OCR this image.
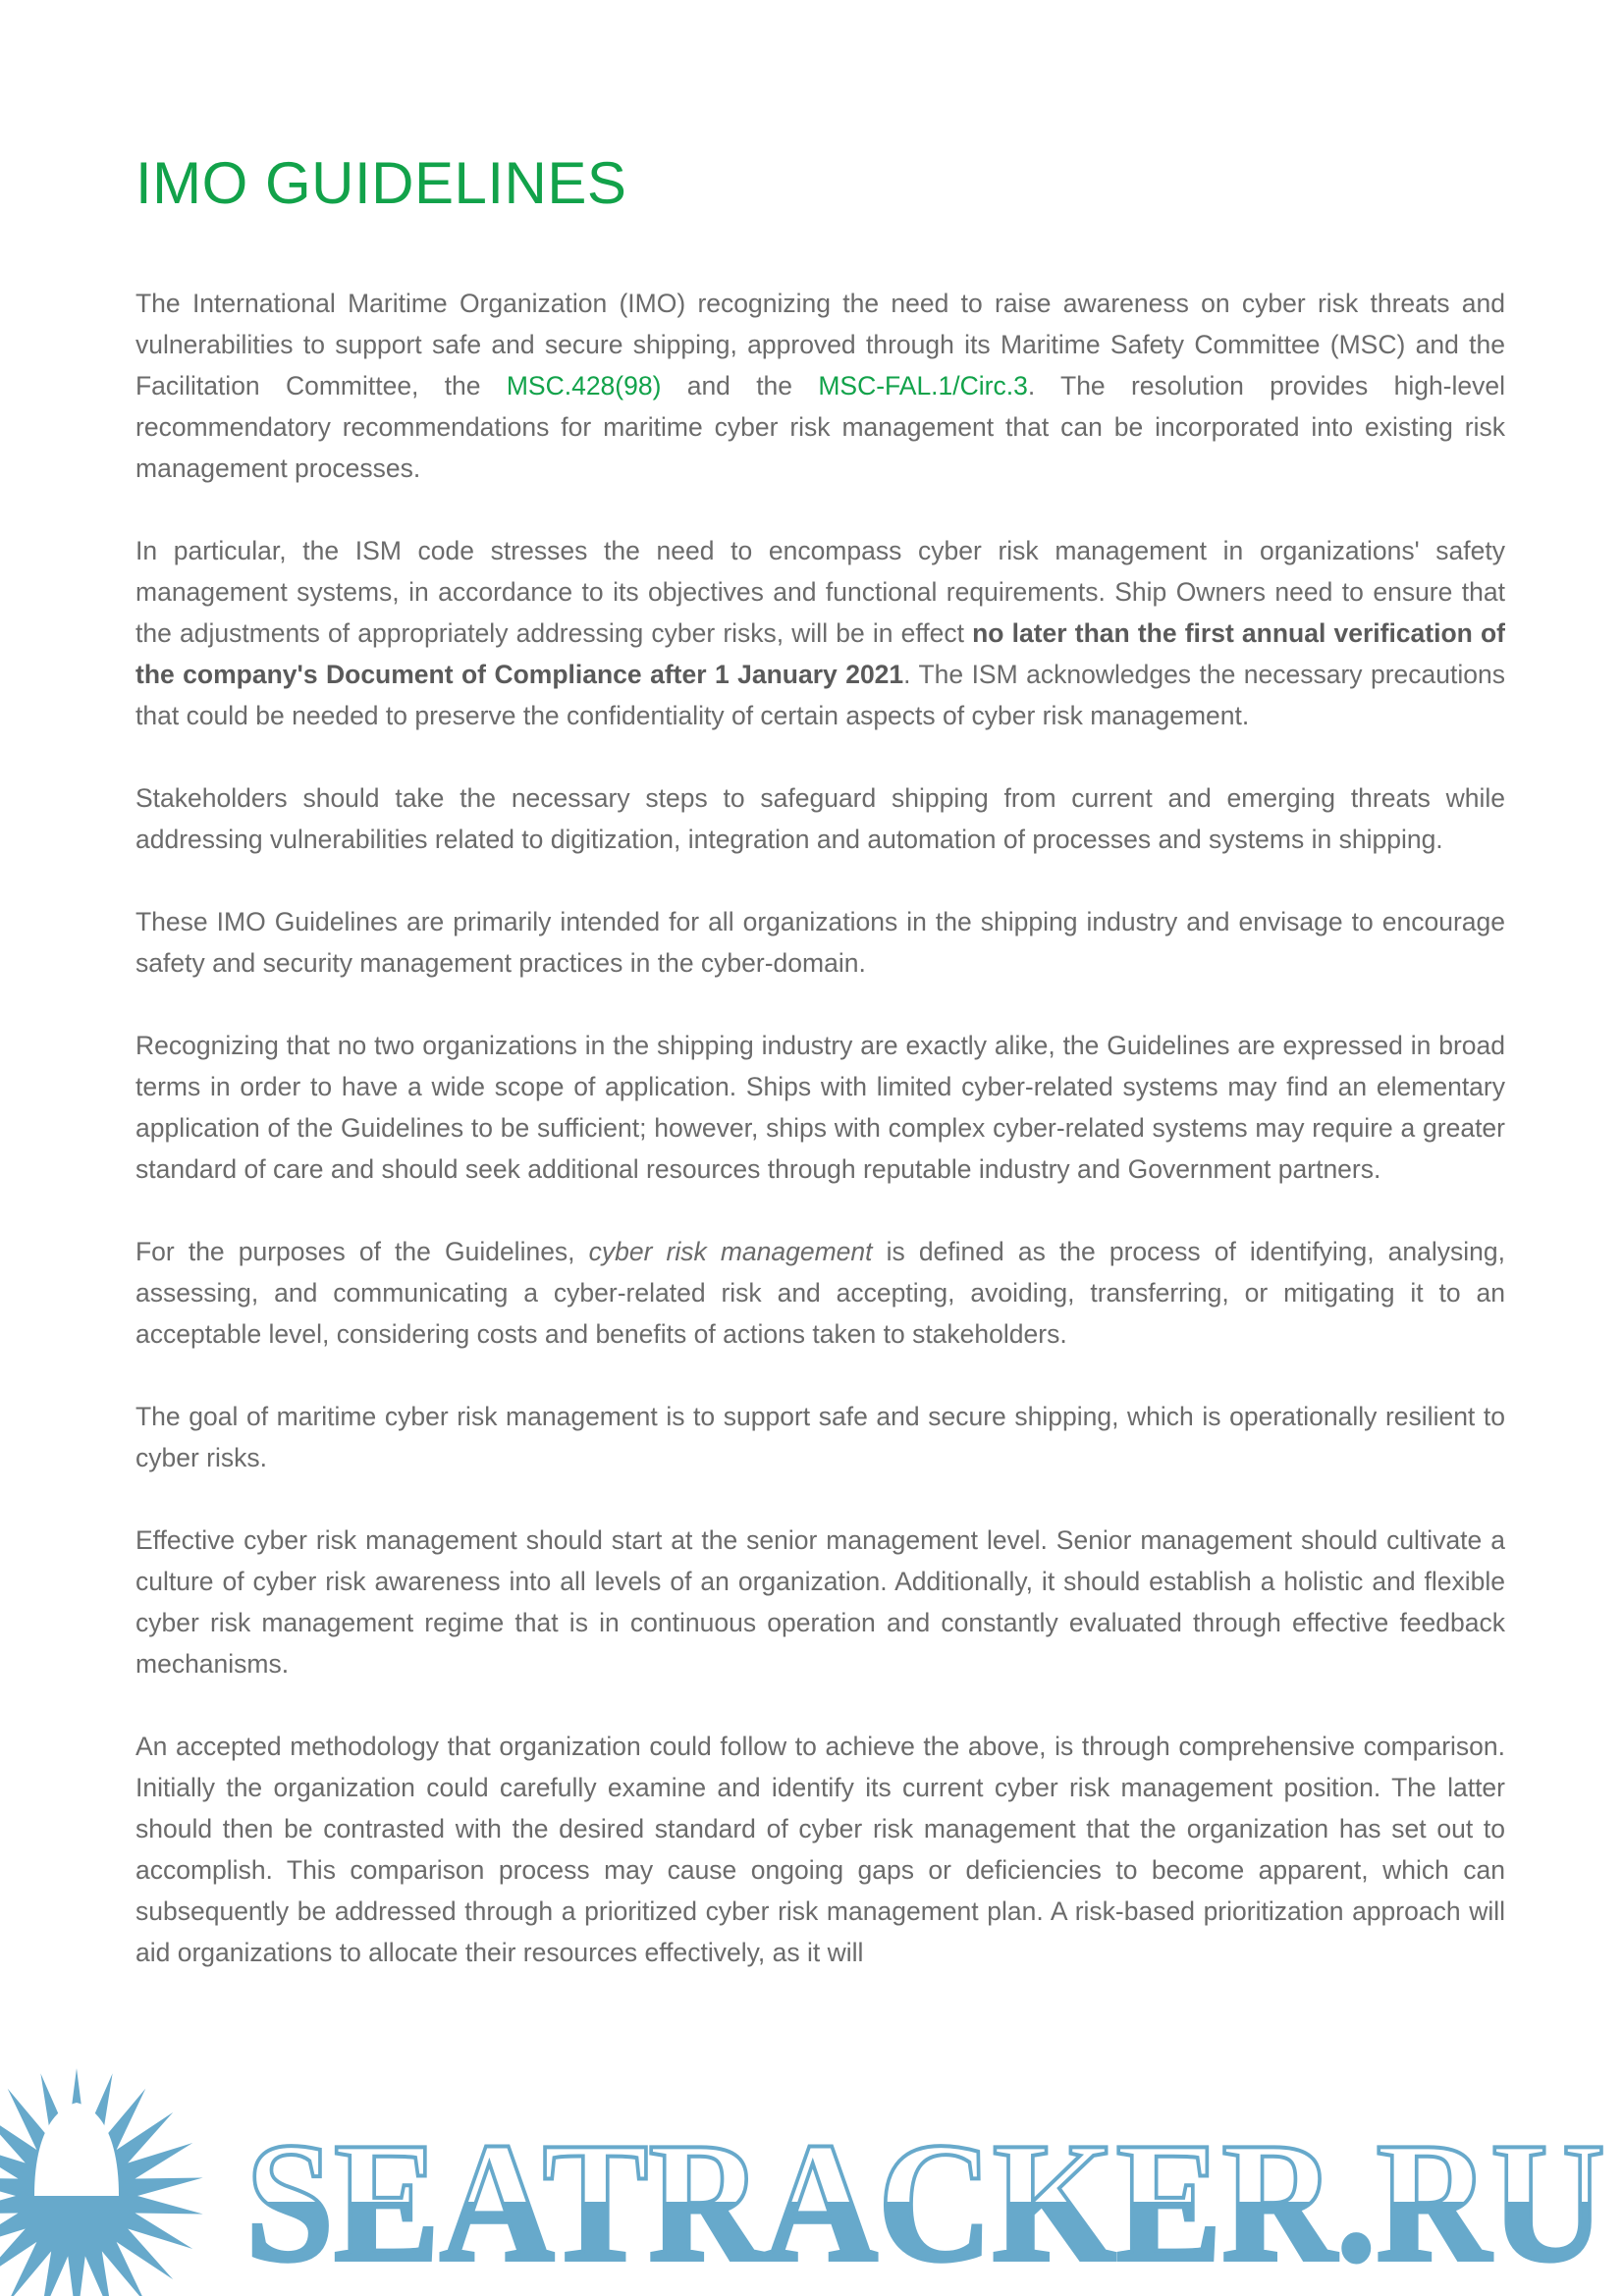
IMO GUIDELINES

The International Maritime Organization (IMO) recognizing the need to raise awareness on cyber risk threats and vulnerabilities to support safe and secure shipping, approved through its Maritime Safety Committee (MSC) and the Facilitation Committee, the MSC.428(98) and the MSC-FAL.1/Circ.3. The resolution provides high-level recommendatory recommendations for maritime cyber risk management that can be incorporated into existing risk management processes.

In particular, the ISM code stresses the need to encompass cyber risk management in organizations' safety management systems, in accordance to its objectives and functional requirements. Ship Owners need to ensure that the adjustments of appropriately addressing cyber risks, will be in effect no later than the first annual verification of the company's Document of Compliance after 1 January 2021. The ISM acknowledges the necessary precautions that could be needed to preserve the confidentiality of certain aspects of cyber risk management.

Stakeholders should take the necessary steps to safeguard shipping from current and emerging threats while addressing vulnerabilities related to digitization, integration and automation of processes and systems in shipping.

These IMO Guidelines are primarily intended for all organizations in the shipping industry and envisage to encourage safety and security management practices in the cyber-domain.

Recognizing that no two organizations in the shipping industry are exactly alike, the Guidelines are expressed in broad terms in order to have a wide scope of application. Ships with limited cyber-related systems may find an elementary application of the Guidelines to be sufficient; however, ships with complex cyber-related systems may require a greater standard of care and should seek additional resources through reputable industry and Government partners.

For the purposes of the Guidelines, cyber risk management is defined as the process of identifying, analysing, assessing, and communicating a cyber-related risk and accepting, avoiding, transferring, or mitigating it to an acceptable level, considering costs and benefits of actions taken to stakeholders.

The goal of maritime cyber risk management is to support safe and secure shipping, which is operationally resilient to cyber risks.

Effective cyber risk management should start at the senior management level. Senior management should cultivate a culture of cyber risk awareness into all levels of an organization. Additionally, it should establish a holistic and flexible cyber risk management regime that is in continuous operation and constantly evaluated through effective feedback mechanisms.

An accepted methodology that organization could follow to achieve the above, is through comprehensive comparison. Initially the organization could carefully examine and identify its current cyber risk management position. The latter should then be contrasted with the desired standard of cyber risk management that the organization has set out to accomplish. This comparison process may cause ongoing gaps or deficiencies to become apparent, which can subsequently be addressed through a prioritized cyber risk management plan. A risk-based prioritization approach will aid organizations to allocate their resources effectively, as it will

SEATRACKER.RU
